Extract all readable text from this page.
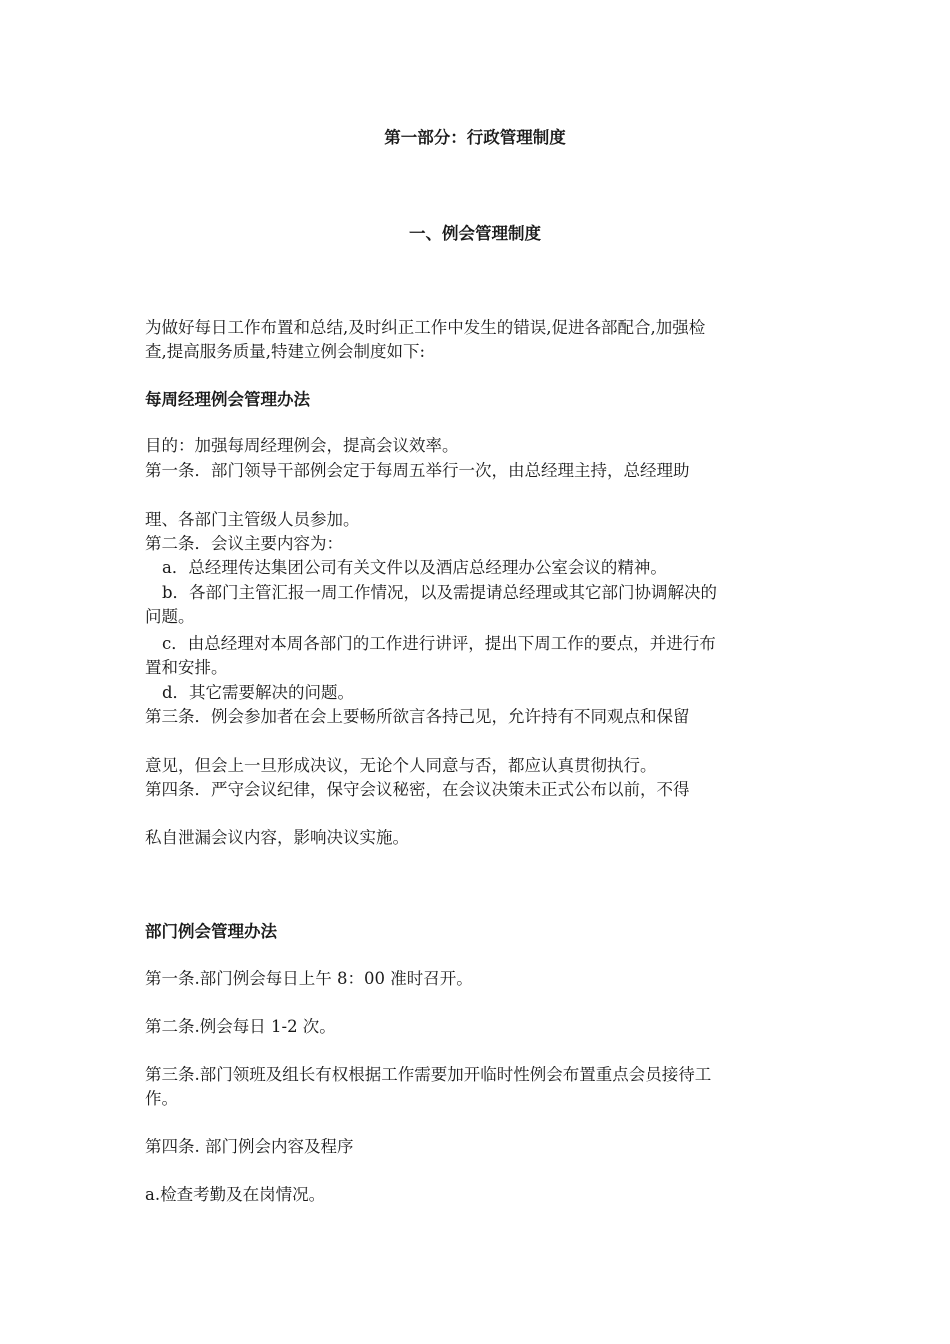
第一部分：行政管理制度
一、例会管理制度
为做好每日工作布置和总结,及时纠正工作中发生的错误,促进各部配合,加强检
查,提高服务质量,特建立例会制度如下:
每周经理例会管理办法
目的：加强每周经理例会，提高会议效率。
第一条．部门领导干部例会定于每周五举行一次，由总经理主持，总经理助
理、各部门主管级人员参加。
第二条．会议主要内容为：
a．总经理传达集团公司有关文件以及酒店总经理办公室会议的精神。
b．各部门主管汇报一周工作情况，以及需提请总经理或其它部门协调解决的
问题。
c．由总经理对本周各部门的工作进行讲评，提出下周工作的要点，并进行布
置和安排。
d．其它需要解决的问题。
第三条．例会参加者在会上要畅所欲言各持己见，允许持有不同观点和保留
意见，但会上一旦形成决议，无论个人同意与否，都应认真贯彻执行。
第四条．严守会议纪律，保守会议秘密，在会议决策未正式公布以前，不得
私自泄漏会议内容，影响决议实施。
部门例会管理办法
第一条.部门例会每日上午 8：00 准时召开。
第二条.例会每日 1-2 次。
第三条.部门领班及组长有权根据工作需要加开临时性例会布置重点会员接待工
作。
第四条. 部门例会内容及程序
a.检查考勤及在岗情况。
